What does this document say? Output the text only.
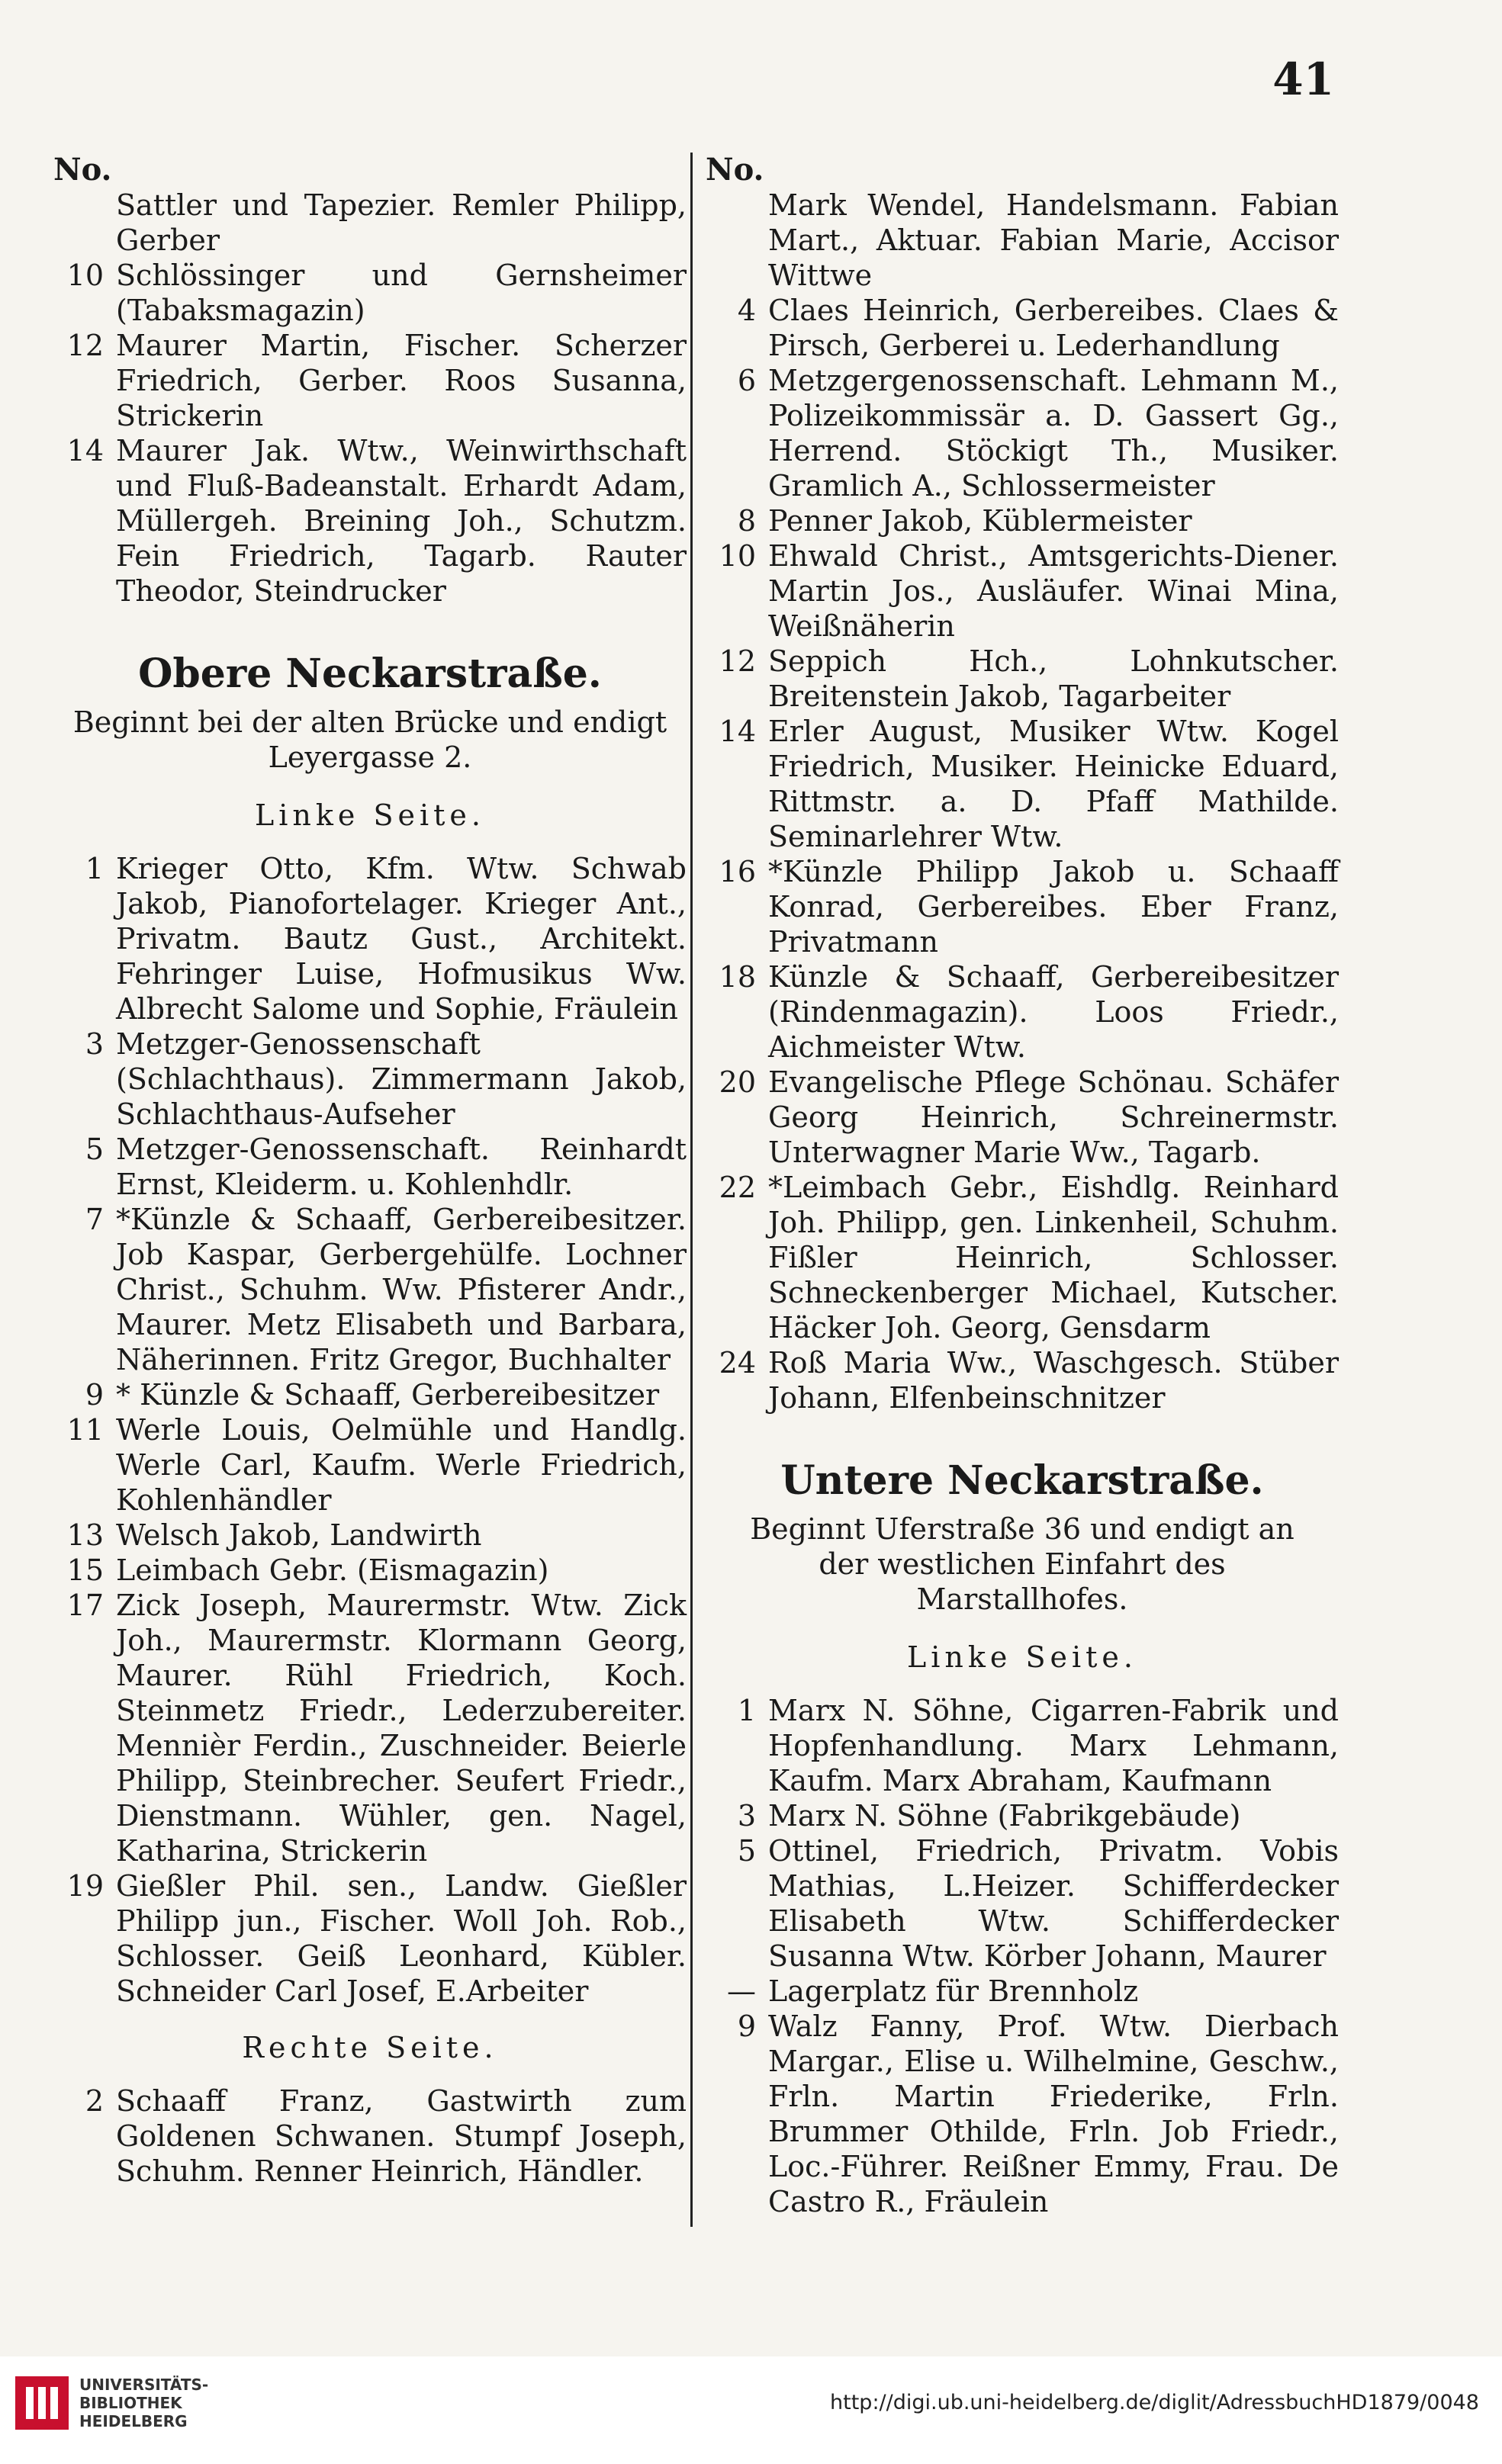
41
No.
Sattler und Tapezier. Remler Philipp, Gerber
10 Schlössinger und Gernsheimer (Tabaksmagazin)
12 Maurer Martin, Fischer. Scherzer Friedrich, Gerber. Roos Susanna, Strickerin
14 Maurer Jak. Wtw., Weinwirthschaft und Fluß-Badeanstalt. Erhardt Adam, Müllergeh. Breining Joh., Schutzm. Fein Friedrich, Tagarb. Rauter Theodor, Steindrucker
Obere Neckarstraße.
Beginnt bei der alten Brücke und endigt Leyergasse 2.
Linke Seite.
1 Krieger Otto, Kfm. Wtw. Schwab Jakob, Pianofortelager. Krieger Ant., Privatm. Bautz Gust., Architekt. Fehringer Luise, Hofmusikus Ww. Albrecht Salome und Sophie, Fräulein
3 Metzger-Genossenschaft (Schlachthaus). Zimmermann Jakob, Schlachthaus-Aufseher
5 Metzger-Genossenschaft. Reinhardt Ernst, Kleiderm. u. Kohlenhdlr.
7 *Künzle & Schaaff, Gerbereibesitzer. Job Kaspar, Gerbergehülfe. Lochner Christ., Schuhm. Ww. Pfisterer Andr., Maurer. Metz Elisabeth und Barbara, Näherinnen. Fritz Gregor, Buchhalter
9 * Künzle & Schaaff, Gerbereibesitzer
11 Werle Louis, Oelmühle und Handlg. Werle Carl, Kaufm. Werle Friedrich, Kohlenhändler
13 Welsch Jakob, Landwirth
15 Leimbach Gebr. (Eismagazin)
17 Zick Joseph, Maurermstr. Wtw. Zick Joh., Maurermstr. Klormann Georg, Maurer. Rühl Friedrich, Koch. Steinmetz Friedr., Lederzubereiter. Mennièr Ferdin., Zuschneider. Beierle Philipp, Steinbrecher. Seufert Friedr., Dienstmann. Wühler, gen. Nagel, Katharina, Strickerin
19 Gießler Phil. sen., Landw. Gießler Philipp jun., Fischer. Woll Joh. Rob., Schlosser. Geiß Leonhard, Kübler. Schneider Carl Josef, E.Arbeiter
Rechte Seite.
2 Schaaff Franz, Gastwirth zum Goldenen Schwanen. Stumpf Joseph, Schuhm. Renner Heinrich, Händler.
No.
Mark Wendel, Handelsmann. Fabian Mart., Aktuar. Fabian Marie, Accisor Wittwe
4 Claes Heinrich, Gerbereibes. Claes & Pirsch, Gerberei u. Lederhandlung
6 Metzgergenossenschaft. Lehmann M., Polizeikommissär a. D. Gassert Gg., Herrend. Stöckigt Th., Musiker. Gramlich A., Schlossermeister
8 Penner Jakob, Küblermeister
10 Ehwald Christ., Amtsgerichts-Diener. Martin Jos., Ausläufer. Winai Mina, Weißnäherin
12 Seppich Hch., Lohnkutscher. Breitenstein Jakob, Tagarbeiter
14 Erler August, Musiker Wtw. Kogel Friedrich, Musiker. Heinicke Eduard, Rittmstr. a. D. Pfaff Mathilde. Seminarlehrer Wtw.
16 *Künzle Philipp Jakob u. Schaaff Konrad, Gerbereibes. Eber Franz, Privatmann
18 Künzle & Schaaff, Gerbereibesitzer (Rindenmagazin). Loos Friedr., Aichmeister Wtw.
20 Evangelische Pflege Schönau. Schäfer Georg Heinrich, Schreinermstr. Unterwagner Marie Ww., Tagarb.
22 *Leimbach Gebr., Eishdlg. Reinhard Joh. Philipp, gen. Linkenheil, Schuhm. Fißler Heinrich, Schlosser. Schneckenberger Michael, Kutscher. Häcker Joh. Georg, Gensdarm
24 Roß Maria Ww., Waschgesch. Stüber Johann, Elfenbeinschnitzer
Untere Neckarstraße.
Beginnt Uferstraße 36 und endigt an der westlichen Einfahrt des Marstallhofes.
Linke Seite.
1 Marx N. Söhne, Cigarren-Fabrik und Hopfenhandlung. Marx Lehmann, Kaufm. Marx Abraham, Kaufmann
3 Marx N. Söhne (Fabrikgebäude)
5 Ottinel, Friedrich, Privatm. Vobis Mathias, L.Heizer. Schifferdecker Elisabeth Wtw. Schifferdecker Susanna Wtw. Körber Johann, Maurer
— Lagerplatz für Brennholz
9 Walz Fanny, Prof. Wtw. Dierbach Margar., Elise u. Wilhelmine, Geschw., Frln. Martin Friederike, Frln. Brummer Othilde, Frln. Job Friedr., Loc.-Führer. Reißner Emmy, Frau. De Castro R., Fräulein
UNIVERSITÄTS-
BIBLIOTHEK
HEIDELBERG
http://digi.ub.uni-heidelberg.de/diglit/AdressbuchHD1879/0048
